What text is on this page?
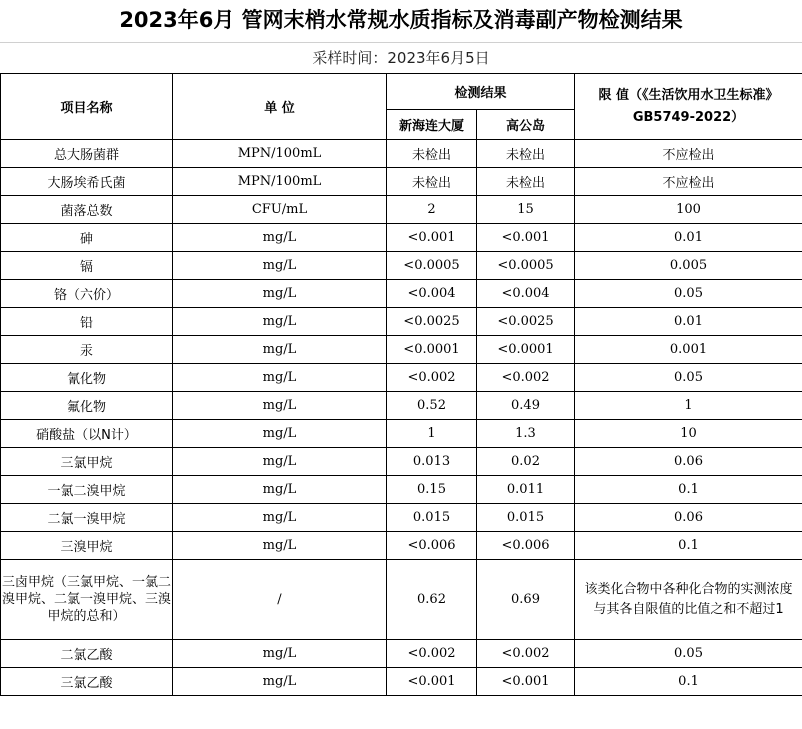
2023年6月 管网末梢水常规水质指标及消毒副产物检测结果
采样时间：2023年6月5日
项目名称	单 位	检测结果		限 值（《生活饮用水卫生标准》GB5749-2022）
		新海连大厦	高公岛	
总大肠菌群	MPN/100mL	未检出	未检出	不应检出
大肠埃希氏菌	MPN/100mL	未检出	未检出	不应检出
菌落总数	CFU/mL	2	15	100
砷	mg/L	<0.001	<0.001	0.01
镉	mg/L	<0.0005	<0.0005	0.005
铬（六价）	mg/L	<0.004	<0.004	0.05
铅	mg/L	<0.0025	<0.0025	0.01
汞	mg/L	<0.0001	<0.0001	0.001
氰化物	mg/L	<0.002	<0.002	0.05
氟化物	mg/L	0.52	0.49	1
硝酸盐（以N计）	mg/L	1	1.3	10
三氯甲烷	mg/L	0.013	0.02	0.06
一氯二溴甲烷	mg/L	0.15	0.011	0.1
二氯一溴甲烷	mg/L	0.015	0.015	0.06
三溴甲烷	mg/L	<0.006	<0.006	0.1
三卤甲烷（三氯甲烷、一氯二溴甲烷、二氯一溴甲烷、三溴甲烷的总和）	/	0.62	0.69	该类化合物中各种化合物的实测浓度与其各自限值的比值之和不超过1
二氯乙酸	mg/L	<0.002	<0.002	0.05
三氯乙酸	mg/L	<0.001	<0.001	0.1
